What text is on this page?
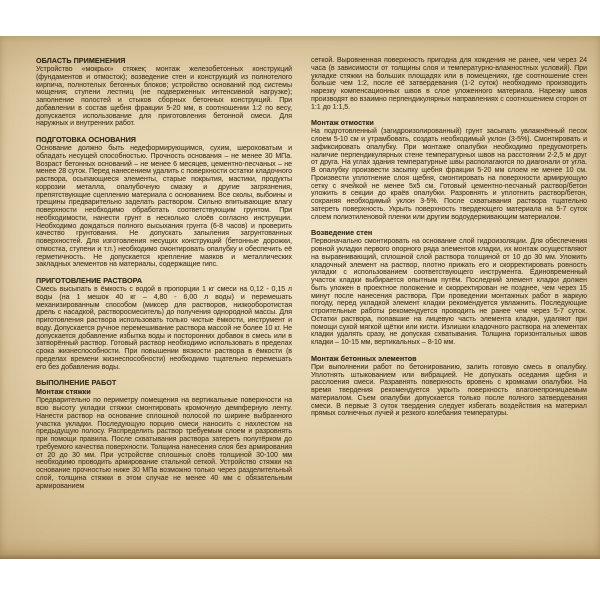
ОБЛАСТЬ ПРИМЕНЕНИЯ

Устройство «мокрых» стяжек; монтаж железобетонных конструкций (фундаментов и отмосток); возведение стен и конструкций из полнотелого кирпича, полнотелых бетонных блоков; устройство оснований под системы мощения; ступени лестниц (не подверженных интенсивной нагрузке); заполнение полостей и стыков сборных бетонных конструкций. При добавлении в состав щебня фракции 5-20 мм, в соотношении 1:2 по весу, допускается использование для приготовления бетонной смеси. Для наружных и внутренних работ.

ПОДГОТОВКА ОСНОВАНИЯ

Основание должно быть недеформирующимся, сухим, шероховатым и обладать несущей способностью. Прочность основания – не менее 30 МПа. Возраст бетонных оснований – не менее 6 месяцев, цементно-песчаных – не менее 28 суток. Перед нанесением удалить с поверхности остатки кладочного раствора, осыпающиеся элементы, старые покрытия, мастики, продукты коррозии металла, опалубочную смазку и другие загрязнения, препятствующие сцеплению материала с основанием. Все сколы, выбоины и трещины предварительно заделать раствором. Сильно впитывающие влагу поверхности необходимо обработать соответствующим грунтом. При необходимости, нанести грунт в несколько слоёв согласно инструкции. Необходимо дождаться полного высыхания грунта (6-8 часов) и проверить качество грунтования. Не допускать запыления загрунтованных поверхностей. Для изготовления несущих конструкций (бетонные дорожки, отмостка, ступени и т.п.) необходимо смонтировать опалубку и обеспечить её герметичность. Не допускается крепление маяков и металлических закладных элементов на материалы, содержащие гипс.

ПРИГОТОВЛЕНИЕ РАСТВОРА

Смесь высыпать в ёмкость с водой в пропорции 1 кг смеси на 0,12 - 0,15 л воды (на 1 мешок 40 кг – 4,80 - 6,00 л воды) и перемешать механизированным способом (миксер для растворов, низкооборотистая дрель с насадкой, растворосмеситель) до получения однородной массы. Для приготовления раствора использовать только чистые ёмкости, инструмент и воду. Допускается ручное перемешивание раствора массой не более 10 кг. Не допускается добавление избытка воды и посторонних добавок в смесь или в затворённый раствор. Готовый раствор необходимо использовать в пределах срока жизнеспособности. При повышении вязкости раствора в ёмкости (в пределах времени жизнеспособности) необходимо тщательно перемешать его без добавления воды.

ВЫПОЛНЕНИЕ РАБОТ
Монтаж стяжки

Предварительно по периметру помещения на вертикальные поверхности на всю высоту укладки стяжки смонтировать кромочную демпферную ленту. Нанести раствор на основание сплошной полосой по ширине выбранного участка укладки. Последующую порцию смеси наносить с нахлестом на предыдущую полосу. Распределить раствор требуемым слоем и разровнять при помощи правила. После схватывания раствора затереть полутёрком до требуемого качества поверхности. Толщина нанесения слоя без армирования от 20 до 30 мм. При устройстве сплошных слоёв толщиной 30-100 мм необходимо проводить армирование стальной сеткой. Устройство стяжки на основание прочностью ниже 30 МПа возможно только через разделительный слой, толщина стяжки в этом случае не менее 40 мм с обязательным армированием

сеткой. Выровненная поверхность пригодна для хождения не ранее, чем через 24 часа (в зависимости от толщины слоя и температурно-влажностных условий). При укладке стяжки на больших площадях или в помещениях, где соотношение стен больше чем 1:2, после её затвердевания (1-2 суток) необходимо производить нарезку компенсационных швов в слое уложенного материала. Нарезку швов производят во взаимно перпендикулярных направлениях с соотношением сторон от 1:1 до 1:1,5.

Монтаж отмостки

На подготовленный (загидроизолированный) грунт засыпать увлажнённый песок слоем 5-10 см и утрамбовать, создать необходимый уклон (3-5%). Смонтировать и зафиксировать опалубку. При монтаже опалубки необходимо предусмотреть наличие перпендикулярных стене температурных швов на расстоянии 2-2,5 м друг от друга. На углах здания температурные швы располагаются по диагонали от угла. В опалубку произвести засыпку щебня фракции 5-20 мм слоем не менее 10 см. Произвести уплотнение слоя щебня, смонтировать на поверхности армирующую сетку с ячейкой не менее 5x5 см. Готовый цементно-песчаный раствор/бетон уложить в секции до краёв опалубки. Разровнять и уплотнить раствор/бетон, сохраняя необходимый уклон 3-5%. После схватывания раствора тщательно затереть поверхность. Укрыть поверхность твердеющего материала на 5-7 суток слоем полиэтиленовой пленки или другим водоудерживающим материалом.

Возведение стен

Первоначально смонтировать на основание слой гидроизоляции. Для обеспечения ровной укладки первого опорного ряда элементов кладки, их монтаж осуществляют на выравнивающий, сплошной слой раствора толщиной от 10 до 30 мм. Уложить кладочный элемент на раствор, плотно прижать его и скорректировать ровность укладки с использованием соответствующего инструмента. Единовременный участок кладки выбирается опытным путём. Последний элемент кладки должен быть уложен в проектное положение и скорректирован не позднее, чем через 15 минут после нанесения раствора. При проведении монтажных работ в жаркую погоду, перед укладкой элемент кладки рекомендуется увлажнить. Последующие строительные работы рекомендуется проводить не ранее чем через 5-7 суток. Остатки раствора, попавшие на лицевую часть элемента кладки, удаляют при помощи сухой мягкой щётки или кисти. Излишки кладочного раствора на элементах кладки удалять сразу, не допуская схватывания. Толщина горизонтальных швов кладки – 10-15 мм, вертикальных – 8-10 мм.

Монтаж бетонных элементов

При выполнении работ по бетонированию, залить готовую смесь в опалубку. Уплотнять штыкованием или вибрацией. Не допускать оседания щебня и расслоения смеси. Разравнять поверхность вровень с кромками опалубки. На время твердения рекомендуется укрыть поверхность влагонепроницаемым материалом. Съем опалубки допускается только после полного затвердевания смеси. В первые 3 суток твердения следует избегать воздействия на материал прямых солнечных лучей и резкого колебания температуры.
